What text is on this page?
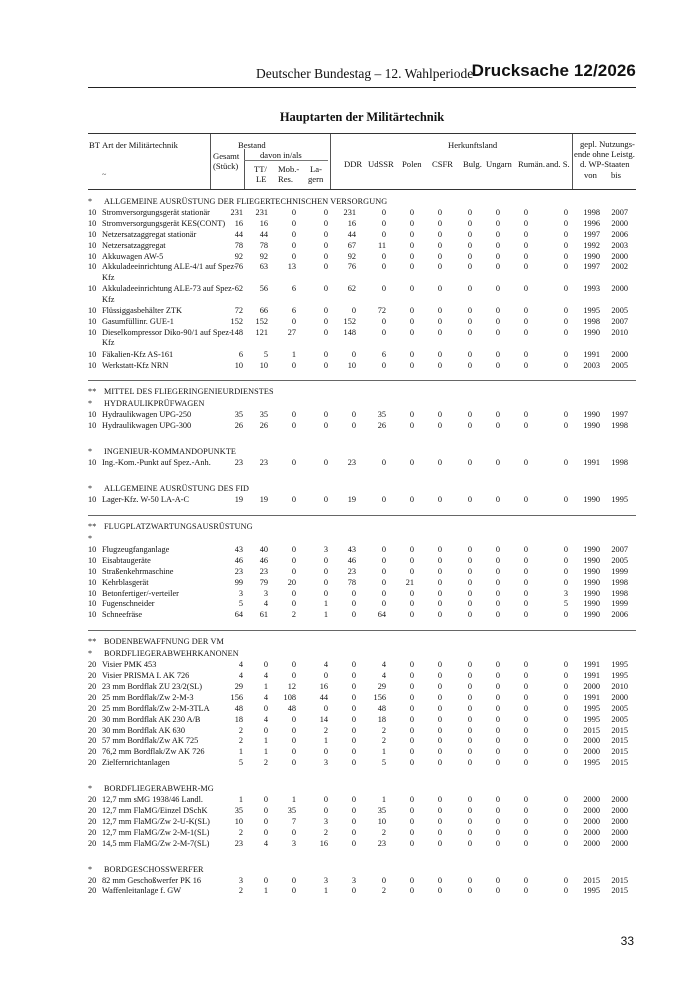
Deutscher Bundestag – 12. Wahlperiode
Drucksache 12/2026
Hauptarten der Militärtechnik
BT Art der Militärtechnik
~
Bestand
Gesamt
(Stück)
davon in/als
TT/
LE
Mob.-
Res.
La-
gern
Herkunftsland
DDR UdSSR Polen CSFR Bulg. Ungarn Rumän. and. S.
gepl. Nutzungs-
ende ohne Leistg.
d. WP-Staaten
von bis
* ALLGEMEINE AUSRÜSTUNG DER FLIEGERTECHNISCHEN VERSORGUNG
10 Stromversorgungsgerät stationär	231	231	0	0	231	0	0	0	0	0	0	0	1998	2007
10 Stromversorgungsgerät KES(CONT)	16	16	0	0	16	0	0	0	0	0	0	0	1996	2000
10 Netzersatzaggregat stationär	44	44	0	0	44	0	0	0	0	0	0	0	1997	2006
10 Netzersatzaggregat	78	78	0	0	67	11	0	0	0	0	0	0	1992	2003
10 Akkuwagen AW-5	92	92	0	0	92	0	0	0	0	0	0	0	1990	2000
10 Akkuladeeinrichtung ALE-4/1 auf Spez-Kfz
76	63	13	0	76	0	0	0	0	0	0	0	1997	2002
10 Akkuladeeinrichtung ALE-73 auf Spez-Kfz
62	56	6	0	62	0	0	0	0	0	0	0	1993	2000
10 Flüssiggasbehälter ZTK	72	66	6	0	0	72	0	0	0	0	0	0	1995	2005
10 Gasumfüllinr. GUE-1	152	152	0	0	152	0	0	0	0	0	0	0	1998	2007
10 Dieselkompressor Diko-90/1 auf Spez-Kfz
148	121	27	0	148	0	0	0	0	0	0	0	1990	2010
10 Fäkalien-Kfz AS-161	6	5	1	0	0	6	0	0	0	0	0	0	1991	2000
10 Werkstatt-Kfz NRN	10	10	0	0	10	0	0	0	0	0	0	0	2003	2005
** MITTEL DES FLIEGERINGENIEURDIENSTES
* HYDRAULIKPRÜFWAGEN
10 Hydraulikwagen UPG-250	35	35	0	0	0	35	0	0	0	0	0	0	1990	1997
10 Hydraulikwagen UPG-300	26	26	0	0	0	26	0	0	0	0	0	0	1990	1998
* INGENIEUR-KOMMANDOPUNKTE
10 Ing.-Kom.-Punkt auf Spez.-Anh.	23	23	0	0	23	0	0	0	0	0	0	0	1991	1998
* ALLGEMEINE AUSRÜSTUNG DES FID
10 Lager-Kfz. W-50 LA-A-C	19	19	0	0	19	0	0	0	0	0	0	0	1990	1995
** FLUGPLATZWARTUNGSAUSRÜSTUNG
*
10 Flugzeugfanganlage	43	40	0	3	43	0	0	0	0	0	0	0	1990	2007
10 Eisabtaugeräte	46	46	0	0	46	0	0	0	0	0	0	0	1990	2005
10 Straßenkehrmaschine	23	23	0	0	23	0	0	0	0	0	0	0	1990	1999
10 Kehrblasgerät	99	79	20	0	78	0	21	0	0	0	0	0	1990	1998
10 Betonfertiger/-verteiler	3	3	0	0	0	0	0	0	0	0	0	3	1990	1998
10 Fugenschneider	5	4	0	1	0	0	0	0	0	0	0	5	1990	1999
10 Schneefräse	64	61	2	1	0	64	0	0	0	0	0	0	1990	2006
** BODENBEWAFFNUNG DER VM
* BORDFLIEGERABWEHRKANONEN
20 Visier PMK 453	4	0	0	4	0	4	0	0	0	0	0	0	1991	1995
20 Visier PRISMA I. AK 726	4	4	0	0	0	4	0	0	0	0	0	0	1991	1995
20 23 mm Bordflak ZU 23/2(SL)	29	1	12	16	0	29	0	0	0	0	0	0	2000	2010
20 25 mm Bordflak/Zw 2-M-3	156	4	108	44	0	156	0	0	0	0	0	0	1991	2000
20 25 mm Bordflak/Zw 2-M-3TLA	48	0	48	0	0	48	0	0	0	0	0	0	1995	2005
20 30 mm Bordflak AK 230 A/B	18	4	0	14	0	18	0	0	0	0	0	0	1995	2005
20 30 mm Bordflak AK 630	2	0	0	2	0	2	0	0	0	0	0	0	2015	2015
20 57 mm Bordflak/Zw AK 725	2	1	0	1	0	2	0	0	0	0	0	0	2000	2015
20 76,2 mm Bordflak/Zw AK 726	1	1	0	0	0	1	0	0	0	0	0	0	2000	2015
20 Zielfernrichtanlagen	5	2	0	3	0	5	0	0	0	0	0	0	1995	2015
* BORDFLIEGERABWEHR-MG
20 12,7 mm sMG 1938/46 Landl.	1	0	1	0	0	1	0	0	0	0	0	0	2000	2000
20 12,7 mm FlaMG/Einzel DSchK	35	0	35	0	0	35	0	0	0	0	0	0	2000	2000
20 12,7 mm FlaMG/Zw 2-U-K(SL)	10	0	7	3	0	10	0	0	0	0	0	0	2000	2000
20 12,7 mm FlaMG/Zw 2-M-1(SL)	2	0	0	2	0	2	0	0	0	0	0	0	2000	2000
20 14,5 mm FlaMG/Zw 2-M-7(SL)	23	4	3	16	0	23	0	0	0	0	0	0	2000	2000
* BORDGESCHOSSWERFER
20 82 mm Geschoßwerfer PK 16	3	0	0	3	3	0	0	0	0	0	0	0	2015	2015
20 Waffenleitanlage f. GW	2	1	0	1	0	2	0	0	0	0	0	0	1995	2015
33
